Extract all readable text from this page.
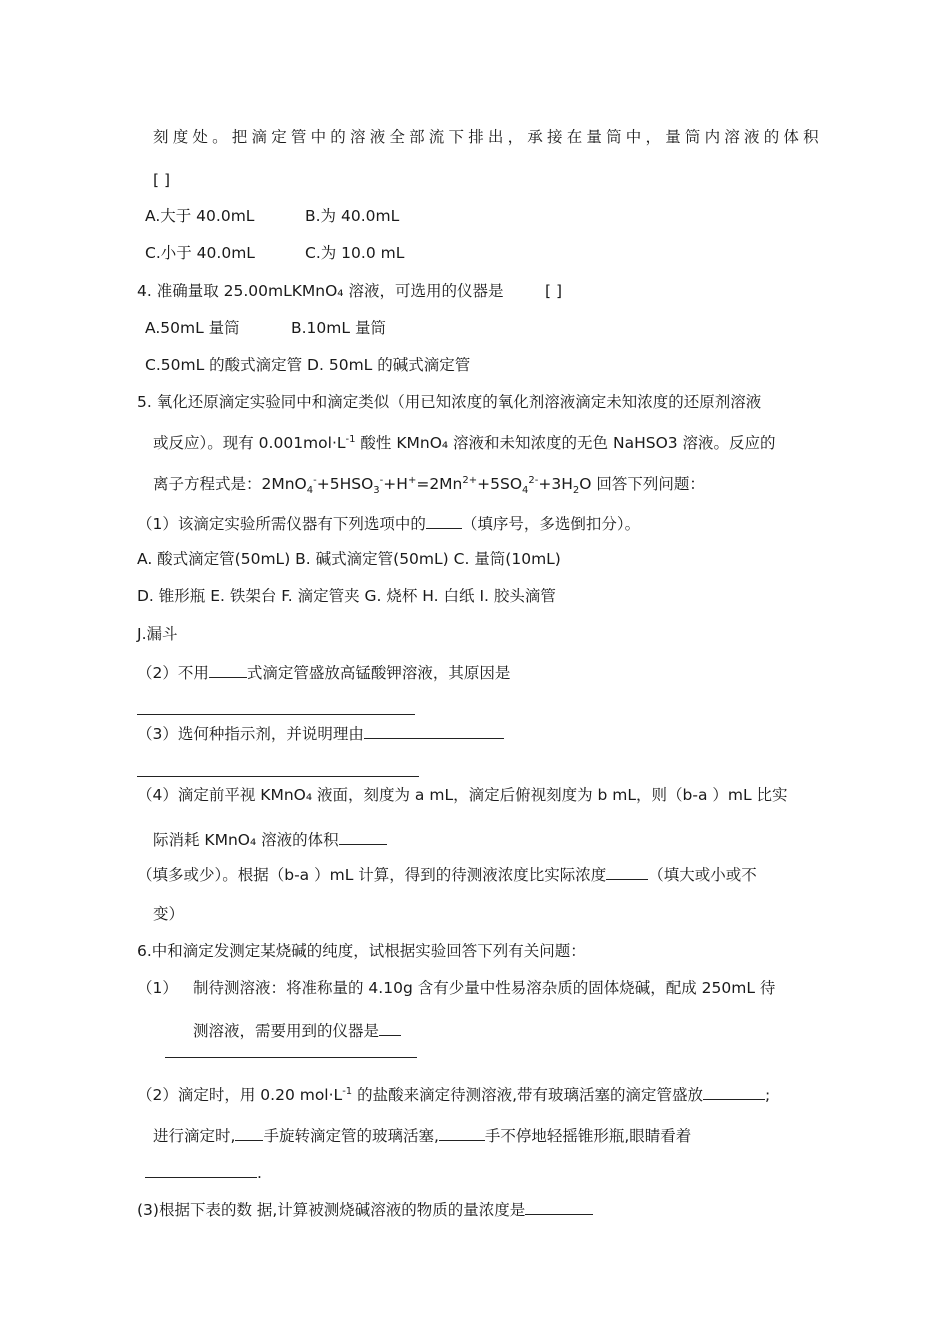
刻度处。把滴定管中的溶液全部流下排出，承接在量筒中，量筒内溶液的体积
[ ]
A.大于 40.0mL	B.为 40.0mL
C.小于 40.0mL	C.为 10.0 mL
4. 准确量取 25.00mLKMnO₄ 溶液，可选用的仪器是	[ ]
A.50mL 量筒	B.10mL 量筒
C.50mL 的酸式滴定管 D. 50mL 的碱式滴定管
5. 氧化还原滴定实验同中和滴定类似（用已知浓度的氧化剂溶液滴定未知浓度的还原剂溶液
或反应）。现有 $0.001mol\cdot L^{-1}$ 酸性 KMnO₄ 溶液和未知浓度的无色 NaHSO3 溶液。反应的
离子方程式是：$2MnO_4^-+5HSO_3^-+H^+=2Mn^{2+}+5SO_4^{2-}+3H_2O$ 回答下列问题：
（1）该滴定实验所需仪器有下列选项中的 （填序号，多选倒扣分）。
A. 酸式滴定管(50mL) B. 碱式滴定管(50mL) C. 量筒(10mL)
D. 锥形瓶 E. 铁架台 F. 滴定管夹 G. 烧杯 H. 白纸 I. 胶头滴管
J.漏斗
（2）不用 式滴定管盛放高锰酸钾溶液，其原因是
（3）选何种指示剂，并说明理由
（4）滴定前平视 KMnO₄ 液面，刻度为 a mL，滴定后俯视刻度为 b mL，则（b-a ）mL 比实
际消耗 KMnO₄ 溶液的体积
（填多或少）。根据（b-a ）mL 计算，得到的待测液浓度比实际浓度	（填大或小或不
变）
6.中和滴定发测定某烧碱的纯度，试根据实验回答下列有关问题：
（1） 制待测溶液：将准称量的 4.10g 含有少量中性易溶杂质的固体烧碱，配成 250mL 待
测溶液，需要用到的仪器是
（2）滴定时，用 0.20 $mol\cdot L^{-1}$ 的盐酸来滴定待测溶液,带有玻璃活塞的滴定管盛放	;
进行滴定时, 手旋转滴定管的玻璃活塞,	手不停地轻摇锥形瓶,眼睛看着
.
(3)根据下表的数 据,计算被测烧碱溶液的物质的量浓度是
